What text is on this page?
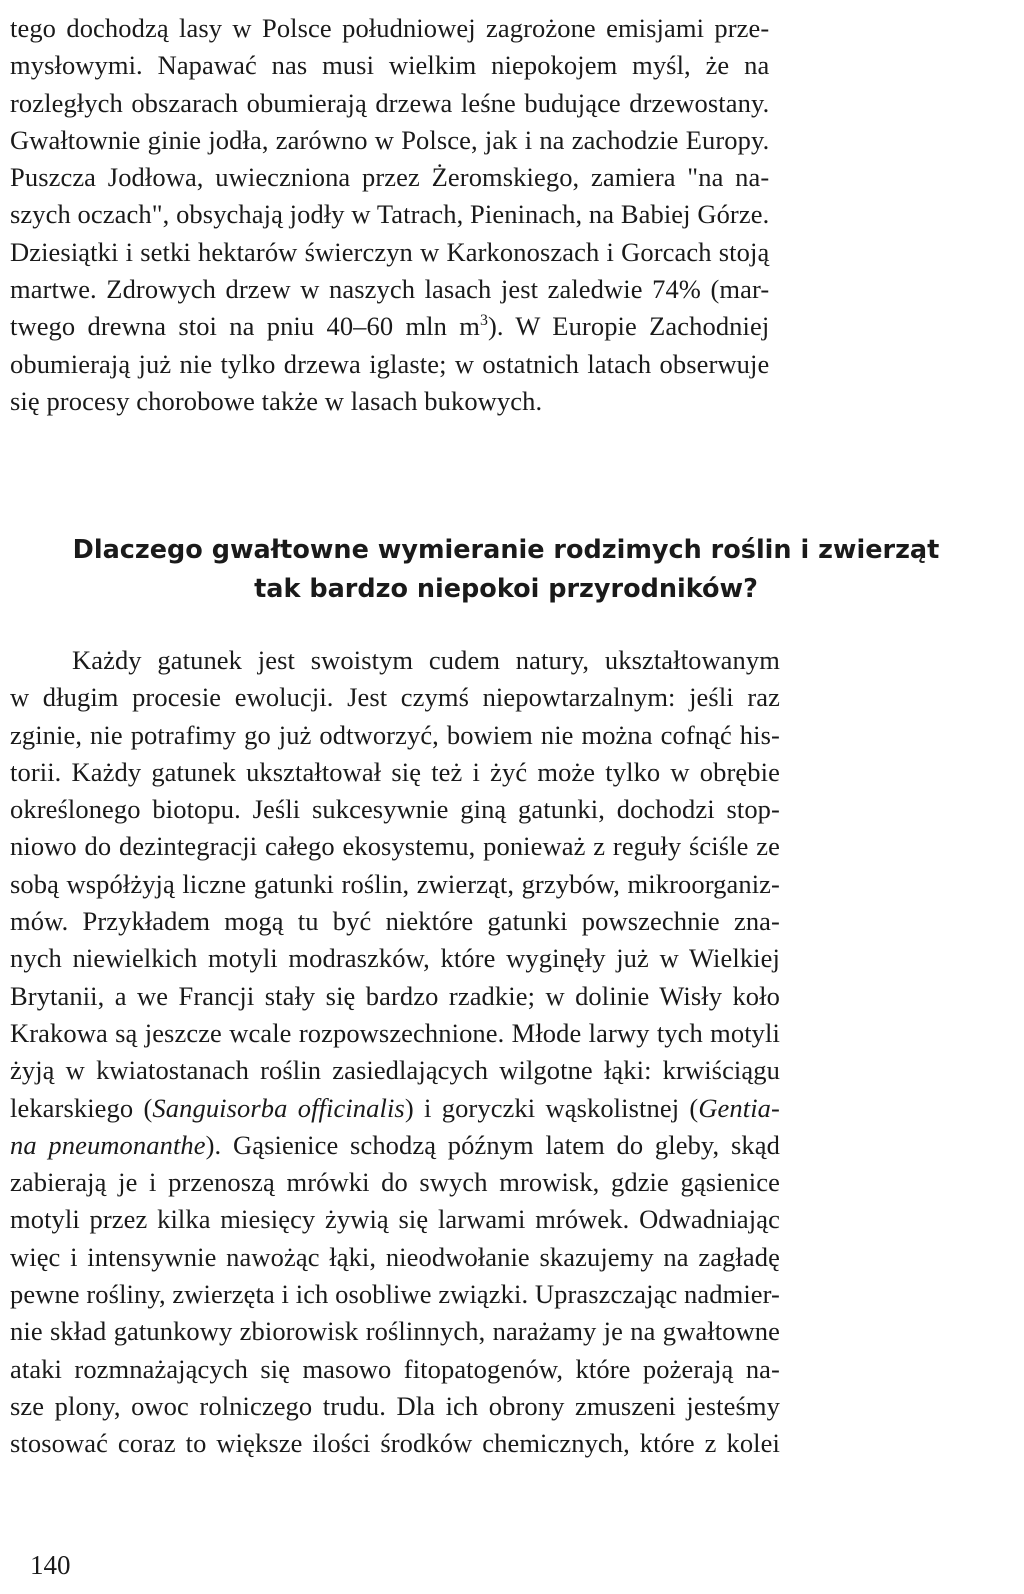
tego dochodzą lasy w Polsce południowej zagrożone emisjami prze-
mysłowymi. Napawać nas musi wielkim niepokojem myśl, że na
rozległych obszarach obumierają drzewa leśne budujące drzewostany.
Gwałtownie ginie jodła, zarówno w Polsce, jak i na zachodzie Europy.
Puszcza Jodłowa, uwieczniona przez Żeromskiego, zamiera "na na-
szych oczach", obsychają jodły w Tatrach, Pieninach, na Babiej Górze.
Dziesiątki i setki hektarów świerczyn w Karkonoszach i Gorcach stoją
martwe. Zdrowych drzew w naszych lasach jest zaledwie 74% (mar-
twego drewna stoi na pniu 40–60 mln $m^3$). W Europie Zachodniej
obumierają już nie tylko drzewa iglaste; w ostatnich latach obserwuje
się procesy chorobowe także w lasach bukowych.
Dlaczego gwałtowne wymieranie rodzimych roślin i zwierząt
tak bardzo niepokoi przyrodników?
Każdy gatunek jest swoistym cudem natury, ukształtowanym
w długim procesie ewolucji. Jest czymś niepowtarzalnym: jeśli raz
zginie, nie potrafimy go już odtworzyć, bowiem nie można cofnąć his-
torii. Każdy gatunek ukształtował się też i żyć może tylko w obrębie
określonego biotopu. Jeśli sukcesywnie giną gatunki, dochodzi stop-
niowo do dezintegracji całego ekosystemu, ponieważ z reguły ściśle ze
sobą współżyją liczne gatunki roślin, zwierząt, grzybów, mikroorganiz-
mów. Przykładem mogą tu być niektóre gatunki powszechnie zna-
nych niewielkich motyli modraszków, które wyginęły już w Wielkiej
Brytanii, a we Francji stały się bardzo rzadkie; w dolinie Wisły koło
Krakowa są jeszcze wcale rozpowszechnione. Młode larwy tych motyli
żyją w kwiatostanach roślin zasiedlających wilgotne łąki: krwiściągu
lekarskiego (Sanguisorba officinalis) i goryczki wąskolistnej (Gentia-
na pneumonanthe). Gąsienice schodzą późnym latem do gleby, skąd
zabierają je i przenoszą mrówki do swych mrowisk, gdzie gąsienice
motyli przez kilka miesięcy żywią się larwami mrówek. Odwadniając
więc i intensywnie nawożąc łąki, nieodwołanie skazujemy na zagładę
pewne rośliny, zwierzęta i ich osobliwe związki. Upraszczając nadmier-
nie skład gatunkowy zbiorowisk roślinnych, narażamy je na gwałtowne
ataki rozmnażających się masowo fitopatogenów, które pożerają na-
sze plony, owoc rolniczego trudu. Dla ich obrony zmuszeni jesteśmy
stosować coraz to większe ilości środków chemicznych, które z kolei
140
